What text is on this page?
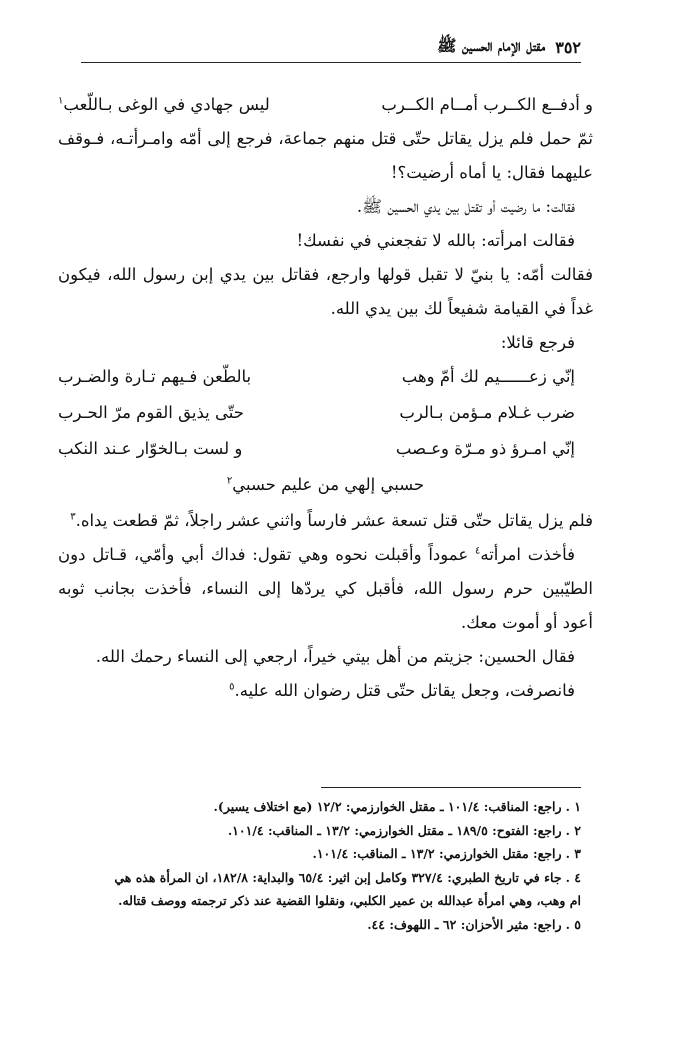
٣٥٢
مقتل الإمام الحسين ﷺ
و أدفــع الكــرب أمــام الكــرب
ليس جهادي في الوغى بـاللّعب$^١$
ثمّ حمل فلم يزل يقاتل حتّى قتل منهم جماعة، فرجع إلى أمّه وامـرأتـه، فـوقف
عليهما فقال: يا أماه أرضيت؟!
فقالت: ما رضيت أو تقتل بين يدي الحسين ﷺ.
فقالت امرأته: بالله لا تفجعني في نفسك!
فقالت أمّه: يا بنيّ لا تقبل قولها وارجع، فقاتل بين يدي إبن رسول الله، فيكون
غداً في القيامة شفيعاً لك بين يدي الله.
فرجع قائلا:
إنّي زعــــــيم لك أمّ وهب
بالطّعن فـيهم تـارة والضـرب
ضرب غـلام مـؤمن بـالرب
حتّى يذيق القوم مرّ الحـرب
إنّي امـرؤ ذو مـرّة وعـصب
و لست بـالخوّار عـند النكب
حسبي إلهي من عليم حسبي$^٢$
فلم يزل يقاتل حتّى قتل تسعة عشر فارساً واثني عشر راجلاً، ثمّ قطعت يداه.$^٣$
فأخذت امرأته$^٤$ عموداً وأقبلت نحوه وهي تقول: فداك أبي وأمّي، قـاتل دون
الطيّبين حرم رسول الله، فأقبل كي يردّها إلى النساء، فأخذت بجانب ثوبه
أعود أو أموت معك.
فقال الحسين: جزيتم من أهل بيتي خيراً، ارجعي إلى النساء رحمك الله.
فانصرفت، وجعل يقاتل حتّى قتل رضوان الله عليه.$^٥$
١ .راجع: المناقب: ١٠١/٤ ـ مقتل الخوارزمي: ١٢/٢ (مع اختلاف يسير).
٢ .راجع: الفتوح: ١٨٩/٥ ـ مقتل الخوارزمي: ١٣/٢ ـ المناقب: ١٠١/٤.
٣ .راجع: مقتل الخوارزمي: ١٣/٢ ـ المناقب: ١٠١/٤.
٤ .جاء في تاريخ الطبري: ٣٢٧/٤ وكامل إبن اثير: ٦٥/٤ والبداية: ١٨٢/٨، ان المرأة هذه هي
ام وهب، وهي امرأة عبدالله بن عمير الكلبي، ونقلوا القضية عند ذكر ترجمته ووصف قتاله.
٥ .راجع: مثير الأحزان: ٦٢ ـ اللهوف: ٤٤.
